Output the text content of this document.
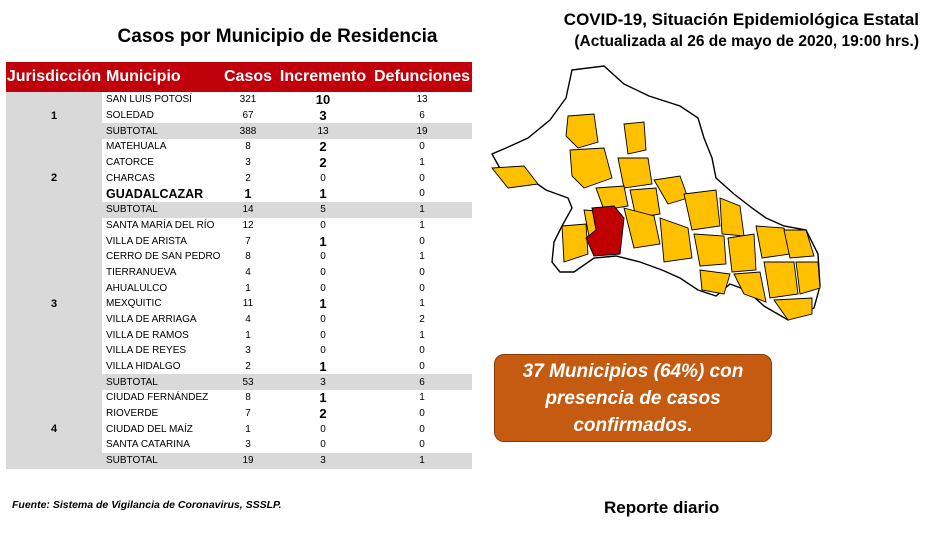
Casos por Municipio de Residencia
COVID-19, Situación Epidemiológica Estatal
(Actualizada al 26 de mayo de 2020, 19:00 hrs.)
Jurisdicción	Municipio	Casos	Incremento	Defunciones
1	SAN LUIS POTOSÍ	321	10	13
	SOLEDAD	67	3	6
	SUBTOTAL	388	13	19
2	MATEHUALA	8	2	0
	CATORCE	3	2	1
	CHARCAS	2	0	0
	GUADALCAZAR	1	1	0
	SUBTOTAL	14	5	1
3	SANTA MARÍA DEL RÍO	12	0	1
	VILLA DE ARISTA	7	1	0
	CERRO DE SAN PEDRO	8	0	1
	TIERRANUEVA	4	0	0
	AHUALULCO	1	0	0
	MEXQUITIC	11	1	1
	VILLA DE ARRIAGA	4	0	2
	VILLA DE RAMOS	1	0	1
	VILLA DE REYES	3	0	0
	VILLA HIDALGO	2	1	0
	SUBTOTAL	53	3	6
4	CIUDAD FERNÁNDEZ	8	1	1
	RIOVERDE	7	2	0
	CIUDAD DEL MAÍZ	1	0	0
	SANTA CATARINA	3	0	0
	SUBTOTAL	19	3	1
37 Municipios (64%) con presencia de casos confirmados.
Fuente: Sistema de Vigilancia de Coronavirus, SSSLP.	Reporte diario
